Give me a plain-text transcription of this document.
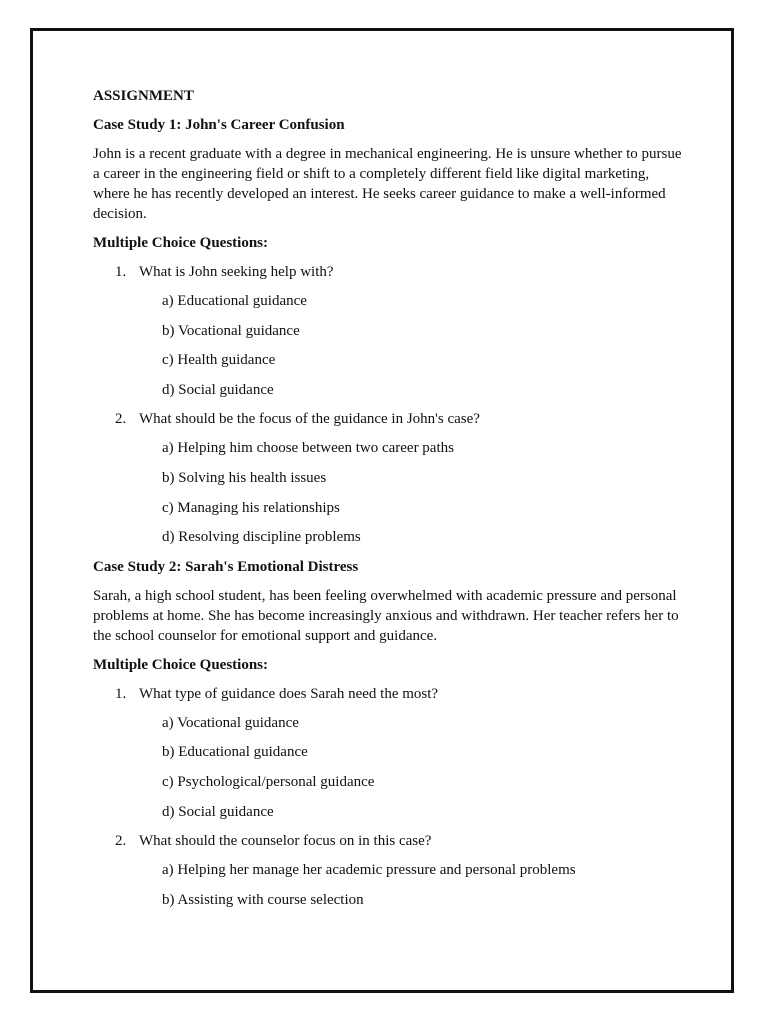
ASSIGNMENT
Case Study 1: John's Career Confusion
John is a recent graduate with a degree in mechanical engineering. He is unsure whether to pursue a career in the engineering field or shift to a completely different field like digital marketing, where he has recently developed an interest. He seeks career guidance to make a well-informed decision.
Multiple Choice Questions:
1. What is John seeking help with?
a) Educational guidance
b) Vocational guidance
c) Health guidance
d) Social guidance
2. What should be the focus of the guidance in John's case?
a) Helping him choose between two career paths
b) Solving his health issues
c) Managing his relationships
d) Resolving discipline problems
Case Study 2: Sarah's Emotional Distress
Sarah, a high school student, has been feeling overwhelmed with academic pressure and personal problems at home. She has become increasingly anxious and withdrawn. Her teacher refers her to the school counselor for emotional support and guidance.
Multiple Choice Questions:
1. What type of guidance does Sarah need the most?
a) Vocational guidance
b) Educational guidance
c) Psychological/personal guidance
d) Social guidance
2. What should the counselor focus on in this case?
a) Helping her manage her academic pressure and personal problems
b) Assisting with course selection
